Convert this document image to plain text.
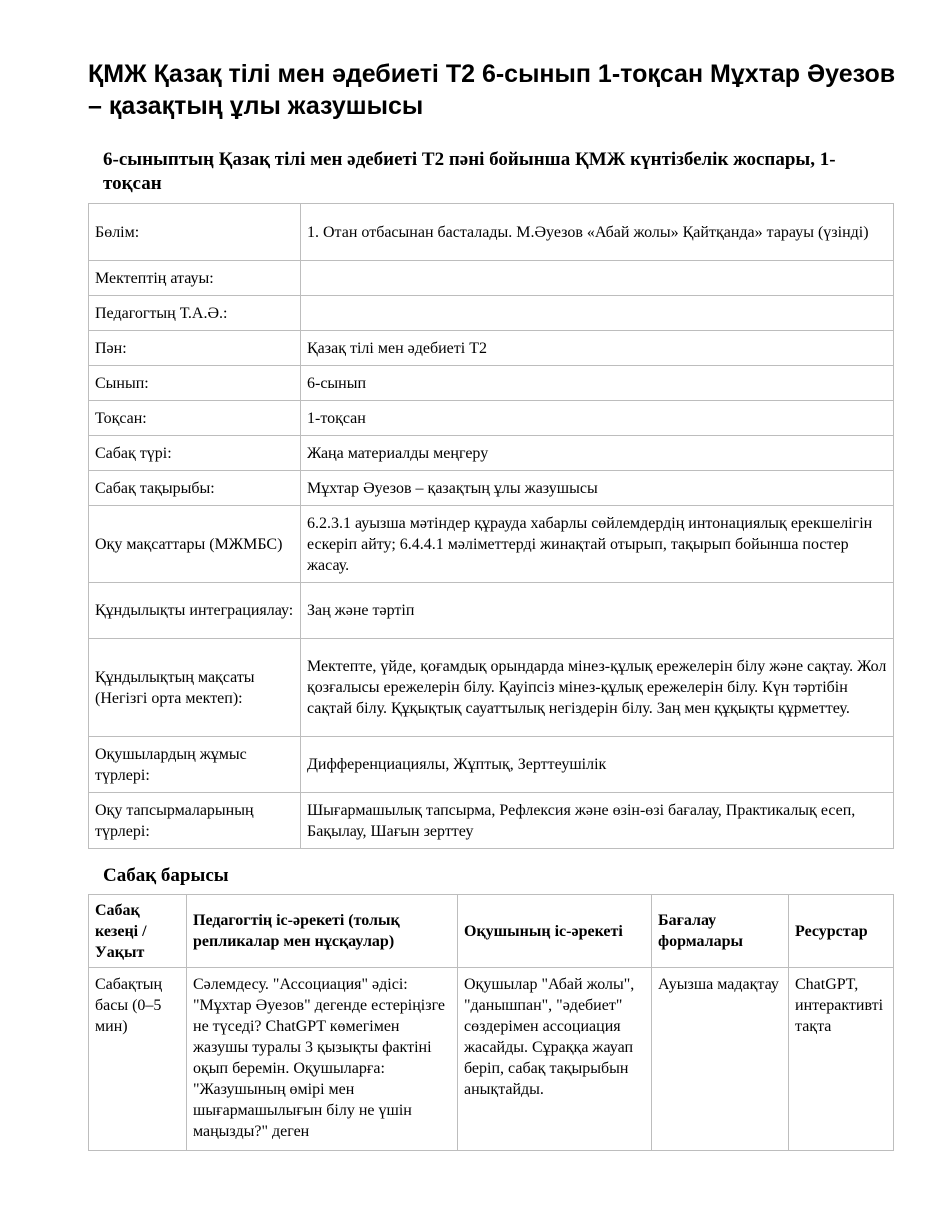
ҚМЖ Қазақ тілі мен әдебиеті Т2 6-сынып 1-тоқсан Мұхтар Әуезов – қазақтың ұлы жазушысы
6-сыныптың Қазақ тілі мен әдебиеті Т2 пәні бойынша ҚМЖ күнтізбелік жоспары, 1-тоқсан
Бөлім:	1. Отан отбасынан басталады. М.Әуезов «Абай жолы» Қайтқанда» тарауы (үзінді)
Мектептің атауы:	
Педагогтың Т.А.Ә.:	
Пән:	Қазақ тілі мен әдебиеті Т2
Сынып:	6-сынып
Тоқсан:	1-тоқсан
Сабақ түрі:	Жаңа материалды меңгеру
Сабақ тақырыбы:	Мұхтар Әуезов – қазақтың ұлы жазушысы
Оқу мақсаттары (МЖМБС)	6.2.3.1 ауызша мәтіндер құрауда хабарлы сөйлемдердің интонациялық ерекшелігін ескеріп айту; 6.4.4.1 мәліметтерді жинақтай отырып, тақырып бойынша постер жасау.
Құндылықты интеграциялау:	Заң және тәртіп
Құндылықтың мақсаты (Негізгі орта мектеп):	Мектепте, үйде, қоғамдық орындарда мінез-құлық ережелерін білу және сақтау. Жол қозғалысы ережелерін білу. Қауіпсіз мінез-құлық ережелерін білу. Күн тәртібін сақтай білу. Құқықтық сауаттылық негіздерін білу. Заң мен құқықты құрметтеу.
Оқушылардың жұмыс түрлері:	Дифференциациялы, Жұптық, Зерттеушілік
Оқу тапсырмаларының түрлері:	Шығармашылық тапсырма, Рефлексия және өзін-өзі бағалау, Практикалық есеп, Бақылау, Шағын зерттеу
Сабақ барысы
Сабақ кезеңі / Уақыт	Педагогтің іс-әрекеті (толық репликалар мен нұсқаулар)	Оқушының іс-әрекеті	Бағалау формалары	Ресурстар

Сабақтың басы (0–5 мин)	Сәлемдесу. "Ассоциация" әдісі: "Мұхтар Әуезов" дегенде естеріңізге не түседі? ChatGPT көмегімен жазушы туралы 3 қызықты фактіні оқып беремін. Оқушыларға: "Жазушының өмірі мен шығармашылығын білу не үшін маңызды?" деген	Оқушылар "Абай жолы", "данышпан", "әдебиет" сөздерімен ассоциация жасайды. Сұраққа жауап беріп, сабақ тақырыбын анықтайды.	Ауызша мадақтау	ChatGPT, интерактивті тақта
